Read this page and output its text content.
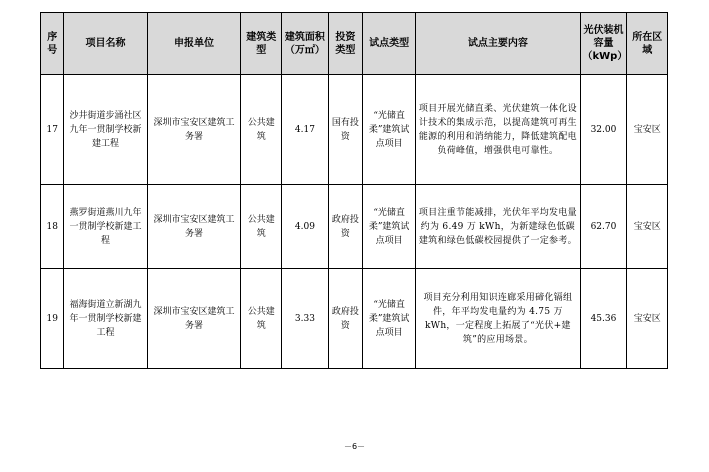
序号	项目名称	申报单位	建筑类型	建筑面积（万㎡）	投资类型	试点类型	试点主要内容	光伏装机容量（kWp）	所在区域
17	沙井街道步涌社区九年一贯制学校新建工程	深圳市宝安区建筑工务署	公共建筑	4.17	国有投资	“光储直柔”建筑试点项目	项目开展光储直柔、光伏建筑一体化设计技术的集成示范，以提高建筑可再生能源的利用和消纳能力，降低建筑配电负荷峰值，增强供电可靠性。	32.00	宝安区
18	燕罗街道燕川九年一贯制学校新建工程	深圳市宝安区建筑工务署	公共建筑	4.09	政府投资	“光储直柔”建筑试点项目	项目注重节能减排，光伏年平均发电量约为 6.49 万 kWh，为新建绿色低碳建筑和绿色低碳校园提供了一定参考。	62.70	宝安区
19	福海街道立新湖九年一贯制学校新建工程	深圳市宝安区建筑工务署	公共建筑	3.33	政府投资	“光储直柔”建筑试点项目	项目充分利用知识连廊采用碲化镉组件，年平均发电量约为 4.75 万 kWh，一定程度上拓展了“光伏+建筑”的应用场景。	45.36	宝安区
－6－
